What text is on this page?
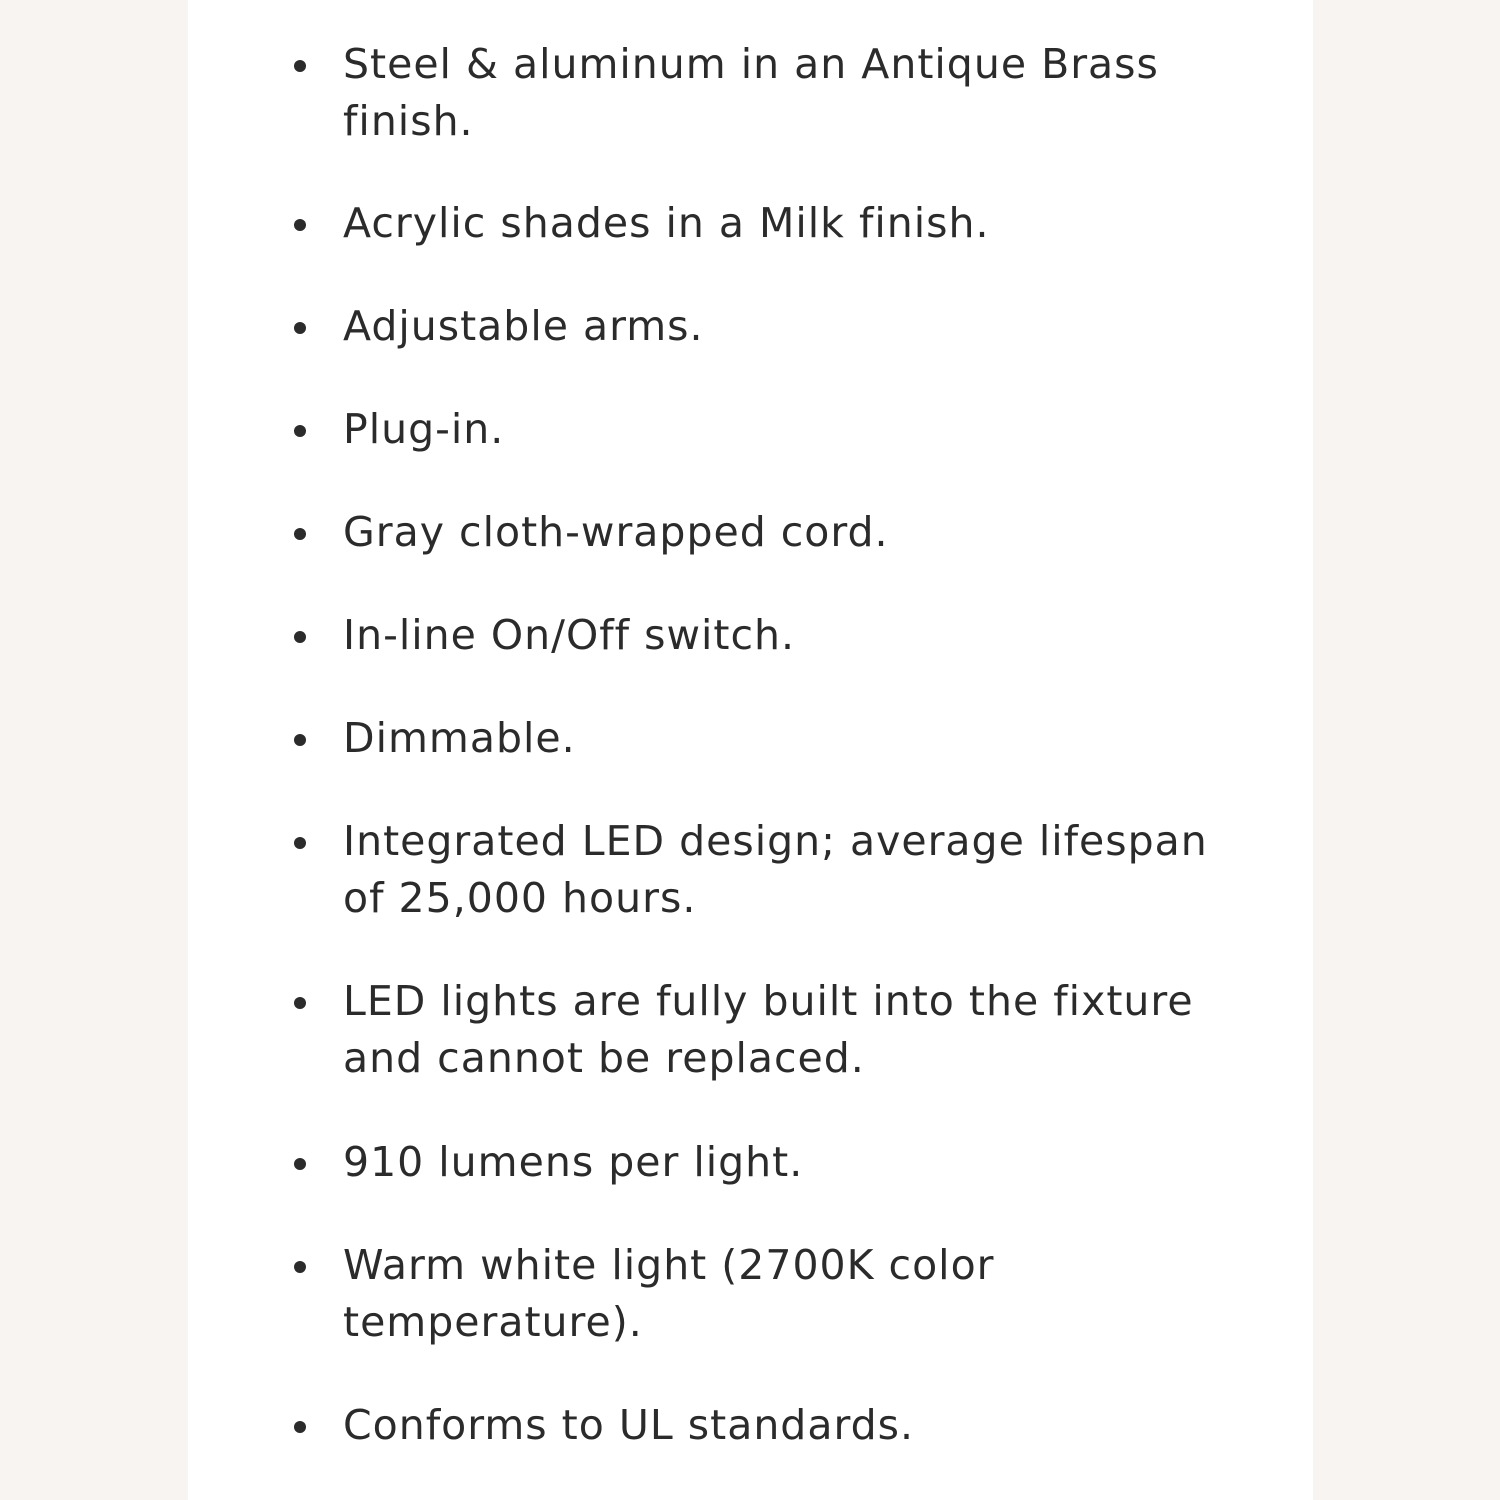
Steel & aluminum in an Antique Brass
finish.
Acrylic shades in a Milk finish.
Adjustable arms.
Plug-in.
Gray cloth-wrapped cord.
In-line On/Off switch.
Dimmable.
Integrated LED design; average lifespan
of 25,000 hours.
LED lights are fully built into the fixture
and cannot be replaced.
910 lumens per light.
Warm white light (2700K color
temperature).
Conforms to UL standards.
